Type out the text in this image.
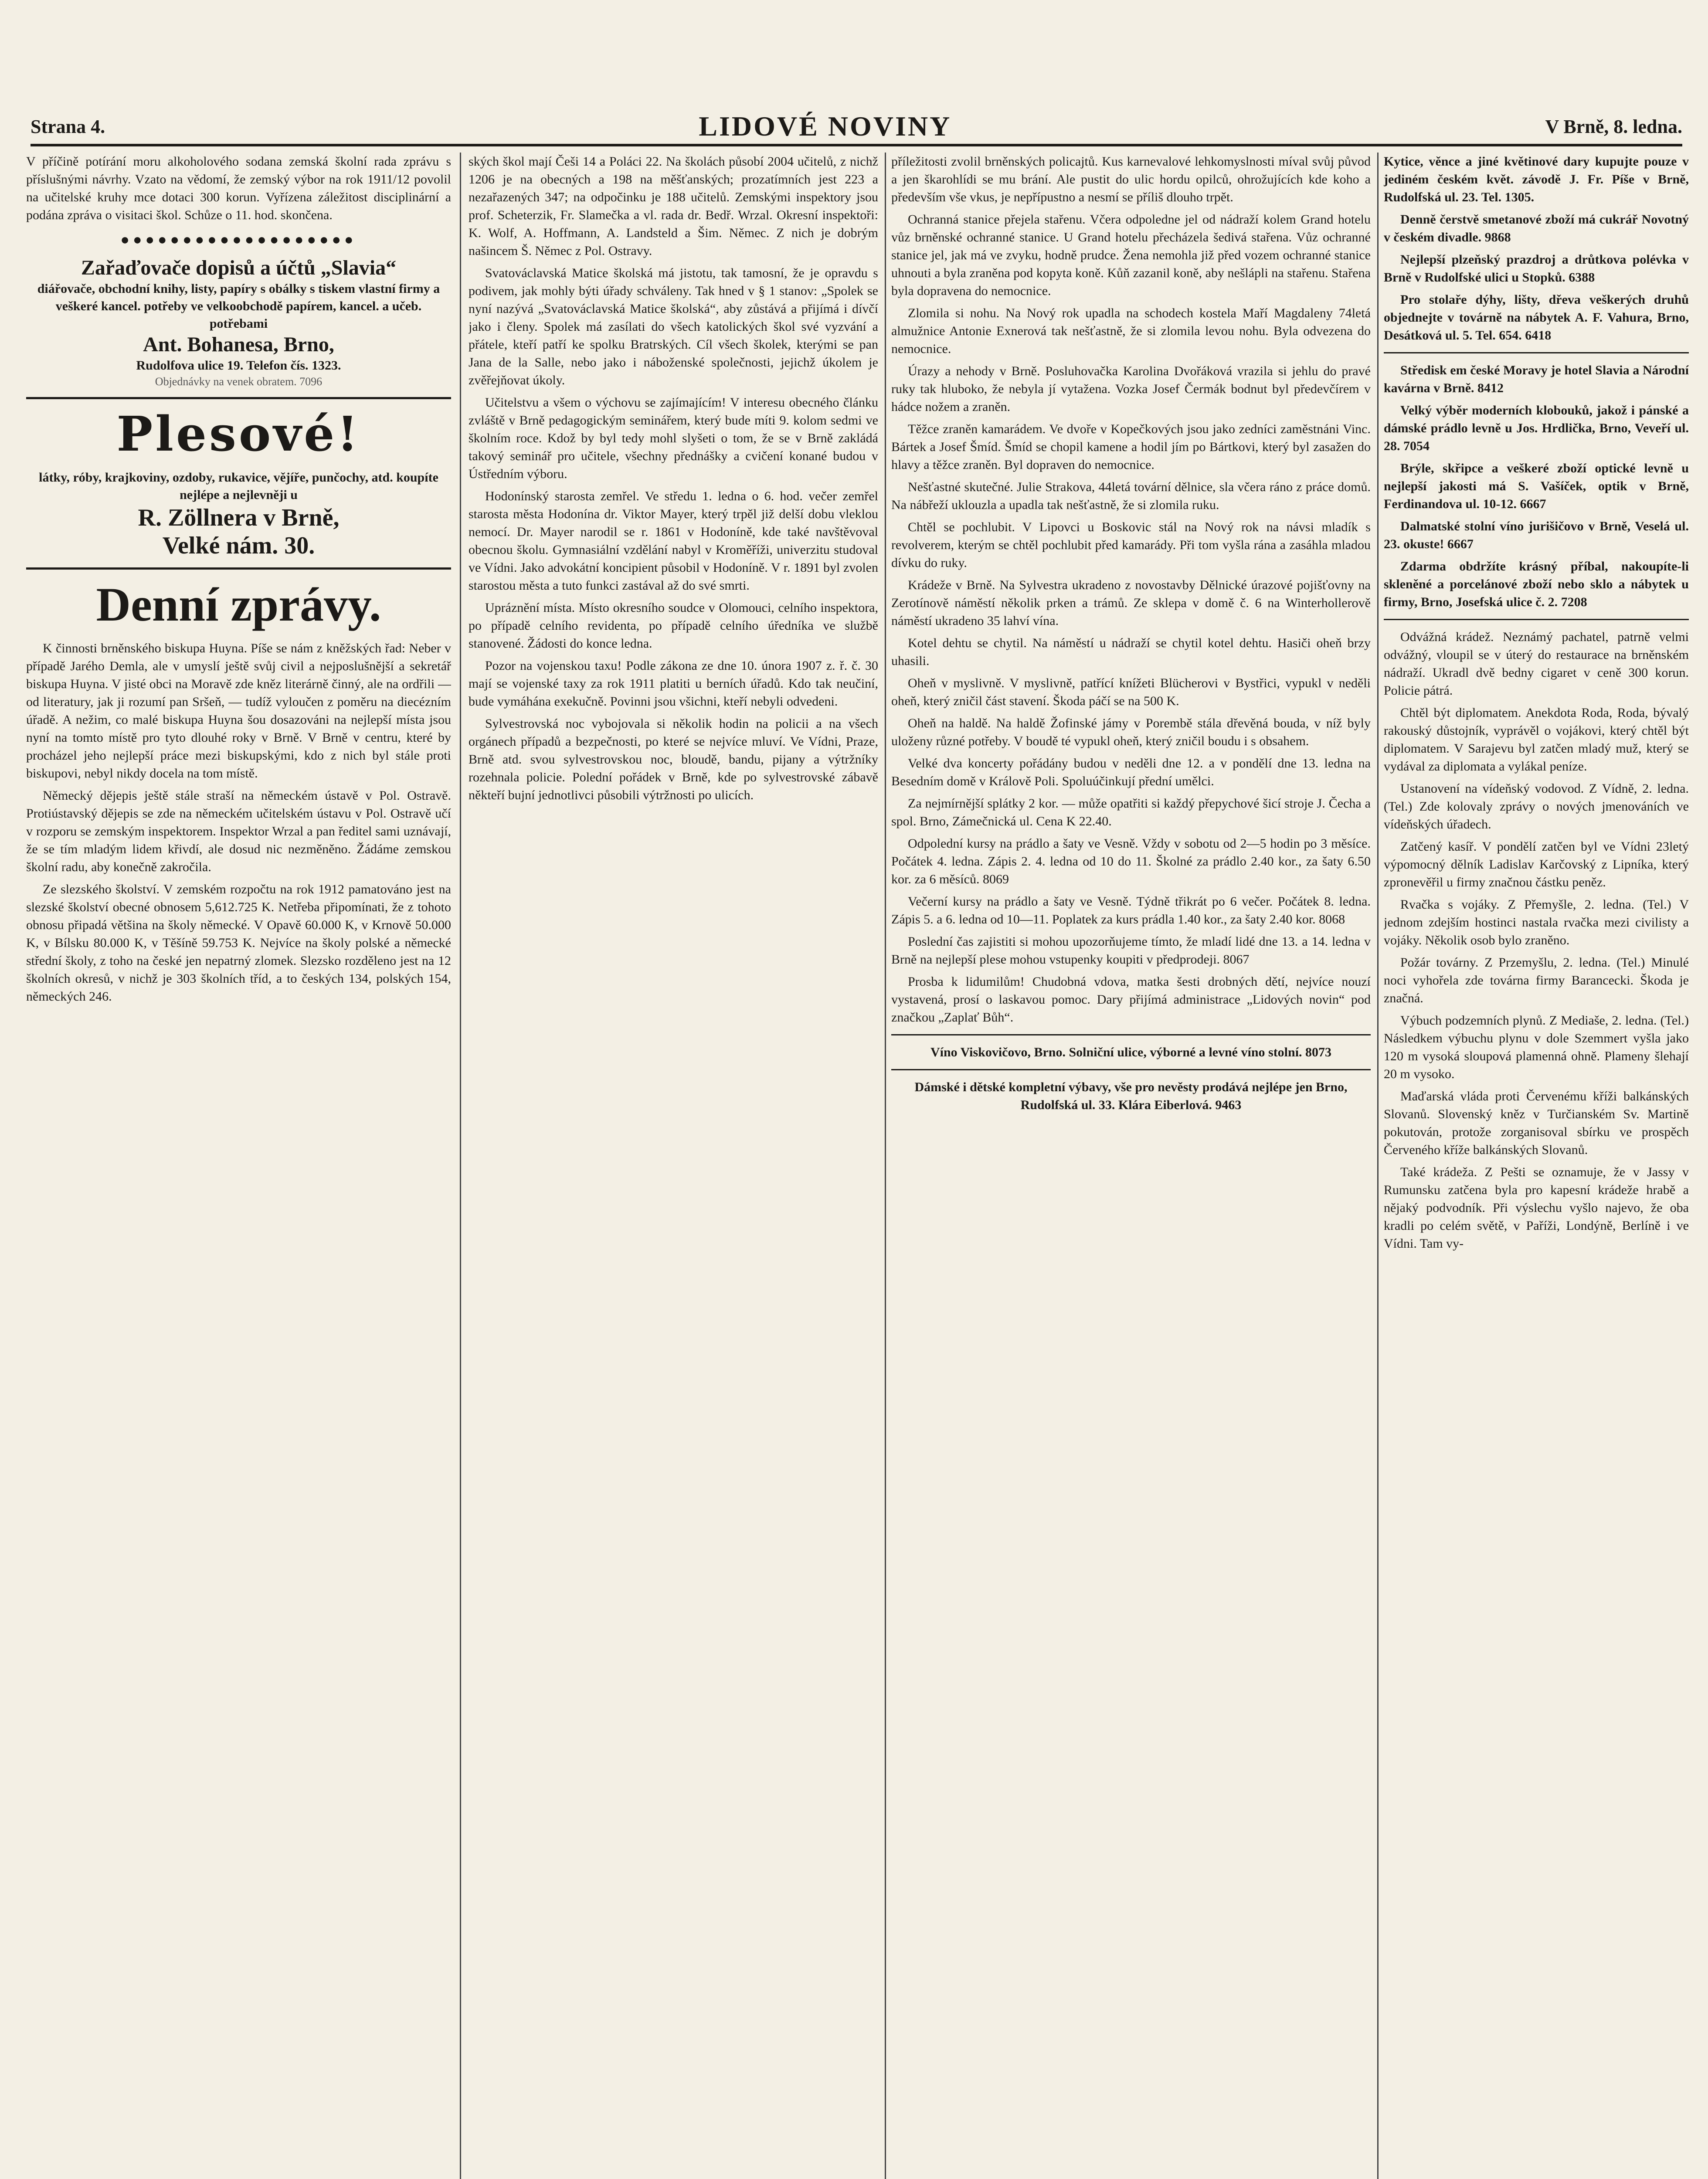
Strana 4.	LIDOVÉ NOVINY	V Brně, 8. ledna.

V příčině potírání moru alkoholového sodana zemská školní rada zprávu s příslušnými návrhy. Vzato na vědomí, že zemský výbor na rok 1911/12 povolil na učitelské kruhy mce dotaci 300 korun. Vyřízena záležitost disciplinární a podána zpráva o visitaci škol. Schůze o 11. hod. skončena.

●●●●●●●●●●●●●●●●●●●
Zařaďovače dopisů a účtů „Slavia“
diářovače, obchodní knihy, listy, papíry s obálky s tiskem vlastní firmy a veškeré kancel. potřeby ve velkoobchodě papírem, kancel. a učeb. potřebami
Ant. Bohanesa, Brno,
Rudolfova ulice 19. Telefon čís. 1323.
Objednávky na venek obratem. 7096
Plesové!
látky, róby, krajkoviny, ozdoby, rukavice, vějíře, punčochy, atd. koupíte nejlépe a nejlevněji u
R. Zöllnera v Brně,
Velké nám. 30.
Denní zprávy.

K činnosti brněnského biskupa Huyna. Píše se nám z kněžských řad: Neber v případě Jarého Demla, ale v umyslí ještě svůj civil a nejposlušnější a sekretář biskupa Huyna. V jisté obci na Moravě zde kněz literárně činný, ale na ordřili — od literatury, jak ji rozumí pan Sršeň, — tudíž vyloučen z poměru na diecézním úřadě. A nežim, co malé biskupa Huyna šou dosazováni na nejlepší místa jsou nyní na tomto místě pro tyto dlouhé roky v Brně. V Brně v centru, které by procházel jeho nejlepší práce mezi biskupskými, kdo z nich byl stále proti biskupovi, nebyl nikdy docela na tom místě.

Německý dějepis ještě stále straší na německém ústavě v Pol. Ostravě. Protiústavský dějepis se zde na německém učitelském ústavu v Pol. Ostravě učí v rozporu se zemským inspektorem. Inspektor Wrzal a pan ředitel sami uznávají, že se tím mladým lidem křivdí, ale dosud nic nezměněno. Žádáme zemskou školní radu, aby konečně zakročila.

Ze slezského školství. V zemském rozpočtu na rok 1912 pamatováno jest na slezské školství obecné obnosem 5,612.725 K. Netřeba připomínati, že z tohoto obnosu připadá většina na školy německé. V Opavě 60.000 K, v Krnově 50.000 K, v Bílsku 80.000 K, v Těšíně 59.753 K. Nejvíce na školy polské a německé střední školy, z toho na české jen nepatrný zlomek. Slezsko rozděleno jest na 12 školních okresů, v nichž je 303 školních tříd, a to českých 134, polských 154, německých 246.

ských škol mají Češi 14 a Poláci 22. Na školách působí 2004 učitelů, z nichž 1206 je na obecných a 198 na měšťanských; prozatímních jest 223 a nezařazených 347; na odpočinku je 188 učitelů. Zemskými inspektory jsou prof. Scheterzik, Fr. Slamečka a vl. rada dr. Bedř. Wrzal. Okresní inspektoři: K. Wolf, A. Hoffmann, A. Landsteld a Šim. Němec. Z nich je dobrým našincem Š. Němec z Pol. Ostravy.

Svatováclavská Matice školská má jistotu, tak tamosní, že je opravdu s podivem, jak mohly býti úřady schváleny. Tak hned v § 1 stanov: „Spolek se nyní nazývá „Svatováclavská Matice školská“, aby zůstává a přijímá i dívčí jako i členy. Spolek má zasílati do všech katolických škol své vyzvání a přátele, kteří patří ke spolku Bratrských. Cíl všech školek, kterými se pan Jana de la Salle, nebo jako i náboženské společnosti, jejichž úkolem je zvěřejňovat úkoly.

Učitelstvu a všem o výchovu se zajímajícím! V interesu obecného článku zvláště v Brně pedagogickým seminářem, který bude míti 9. kolom sedmi ve školním roce. Kdož by byl tedy mohl slyšeti o tom, že se v Brně zakládá takový seminář pro učitele, všechny přednášky a cvičení konané budou v Ústředním výboru.

Hodonínský starosta zemřel. Ve středu 1. ledna o 6. hod. večer zemřel starosta města Hodonína dr. Viktor Mayer, který trpěl již delší dobu vleklou nemocí. Dr. Mayer narodil se r. 1861 v Hodoníně, kde také navštěvoval obecnou školu. Gymnasiální vzdělání nabyl v Kroměříži, univerzitu studoval ve Vídni. Jako advokátní koncipient působil v Hodoníně. V r. 1891 byl zvolen starostou města a tuto funkci zastával až do své smrti.

Upráznění místa. Místo okresního soudce v Olomouci, celního inspektora, po případě celního revidenta, po případě celního úředníka ve službě stanovené. Žádosti do konce ledna.

Pozor na vojenskou taxu! Podle zákona ze dne 10. února 1907 z. ř. č. 30 mají se vojenské taxy za rok 1911 platiti u berních úřadů. Kdo tak neučiní, bude vymáhána exekučně. Povinni jsou všichni, kteří nebyli odvedeni.

Sylvestrovská noc vybojovala si několik hodin na policii a na všech orgánech případů a bezpečnosti, po které se nejvíce mluví. Ve Vídni, Praze, Brně atd. svou sylvestrovskou noc, bloudě, bandu, pijany a výtržníky rozehnala policie. Polední pořádek v Brně, kde po sylvestrovské zábavě někteří bujní jednotlivci působili výtržnosti po ulicích.

příležitosti zvolil brněnských policajtů. Kus karnevalové lehkomyslnosti míval svůj původ a jen škarohlídi se mu brání. Ale pustit do ulic hordu opilců, ohrožujících kde koho a především vše vkus, je nepřípustno a nesmí se příliš dlouho trpět.

Ochranná stanice přejela stařenu. Včera odpoledne jel od nádraží kolem Grand hotelu vůz brněnské ochranné stanice. U Grand hotelu přecházela šedivá stařena. Vůz ochranné stanice jel, jak má ve zvyku, hodně prudce. Žena nemohla již před vozem ochranné stanice uhnouti a byla zraněna pod kopyta koně. Kůň zazanil koně, aby nešlápli na stařenu. Stařena byla dopravena do nemocnice.

Zlomila si nohu. Na Nový rok upadla na schodech kostela Maří Magdaleny 74letá almužnice Antonie Exnerová tak nešťastně, že si zlomila levou nohu. Byla odvezena do nemocnice.

Úrazy a nehody v Brně. Posluhovačka Karolina Dvořáková vrazila si jehlu do pravé ruky tak hluboko, že nebyla jí vytažena. Vozka Josef Čermák bodnut byl předevčírem v hádce nožem a zraněn.

Těžce zraněn kamarádem. Ve dvoře v Kopečkových jsou jako zedníci zaměstnáni Vinc. Bártek a Josef Šmíd. Šmíd se chopil kamene a hodil jím po Bártkovi, který byl zasažen do hlavy a těžce zraněn. Byl dopraven do nemocnice.

Nešťastné skutečné. Julie Strakova, 44letá tovární dělnice, sla včera ráno z práce domů. Na nábřeží uklouzla a upadla tak nešťastně, že si zlomila ruku.

Chtěl se pochlubit. V Lipovci u Boskovic stál na Nový rok na návsi mladík s revolverem, kterým se chtěl pochlubit před kamarády. Při tom vyšla rána a zasáhla mladou dívku do ruky.

Krádeže v Brně. Na Sylvestra ukradeno z novostavby Dělnické úrazové pojišťovny na Zerotínově náměstí několik prken a trámů. Ze sklepa v domě č. 6 na Winterhollerově náměstí ukradeno 35 lahví vína.

Kotel dehtu se chytil. Na náměstí u nádraží se chytil kotel dehtu. Hasiči oheň brzy uhasili.

Oheň v myslivně. V myslivně, patřící knížeti Blücherovi v Bystřici, vypukl v neděli oheň, který zničil část stavení. Škoda páčí se na 500 K.

Oheň na haldě. Na haldě Žofinské jámy v Porembě stála dřevěná bouda, v níž byly uloženy různé potřeby. V boudě té vypukl oheň, který zničil boudu i s obsahem.

Velké dva koncerty pořádány budou v neděli dne 12. a v pondělí dne 13. ledna na Besedním domě v Králově Poli. Spoluúčinkují přední umělci.

Za nejmírnější splátky 2 kor. — může opatřiti si každý přepychové šicí stroje J. Čecha a spol. Brno, Zámečnická ul. Cena K 22.40.

Odpolední kursy na prádlo a šaty ve Vesně. Vždy v sobotu od 2—5 hodin po 3 měsíce. Počátek 4. ledna. Zápis 2. 4. ledna od 10 do 11. Školné za prádlo 2.40 kor., za šaty 6.50 kor. za 6 měsíců. 8069

Večerní kursy na prádlo a šaty ve Vesně. Týdně třikrát po 6 večer. Počátek 8. ledna. Zápis 5. a 6. ledna od 10—11. Poplatek za kurs prádla 1.40 kor., za šaty 2.40 kor. 8068

Poslední čas zajistiti si mohou upozorňujeme tímto, že mladí lidé dne 13. a 14. ledna v Brně na nejlepší plese mohou vstupenky koupiti v předprodeji. 8067

Prosba k lidumilům! Chudobná vdova, matka šesti drobných dětí, nejvíce nouzí vystavená, prosí o laskavou pomoc. Dary přijímá administrace „Lidových novin“ pod značkou „Zaplať Bůh“.

Víno Viskovičovo, Brno. Solniční ulice, výborné a levné víno stolní. 8073

Dámské i dětské kompletní výbavy, vše pro nevěsty prodává nejlépe jen Brno, Rudolfská ul. 33. Klára Eiberlová. 9463

Kytice, věnce a jiné květinové dary kupujte pouze v jediném českém květ. závodě J. Fr. Píše v Brně, Rudolfská ul. 23. Tel. 1305.

Denně čerstvě smetanové zboží má cukrář Novotný v českém divadle. 9868

Nejlepší plzeňský prazdroj a drůtkova polévka v Brně v Rudolfské ulici u Stopků. 6388

Pro stolaře dýhy, lišty, dřeva veškerých druhů objednejte v továrně na nábytek A. F. Vahura, Brno, Desátková ul. 5. Tel. 654. 6418

Středisk em české Moravy je hotel Slavia a Národní kavárna v Brně. 8412

Velký výběr moderních klobouků, jakož i pánské a dámské prádlo levně u Jos. Hrdlička, Brno, Veveří ul. 28. 7054

Brýle, skřipce a veškeré zboží optické levně u nejlepší jakosti má S. Vašíček, optik v Brně, Ferdinandova ul. 10-12. 6667

Dalmatské stolní víno jurišičovo v Brně, Veselá ul. 23. okuste! 6667

Zdarma obdržíte krásný příbal, nakoupíte-li skleněné a porcelánové zboží nebo sklo a nábytek u firmy, Brno, Josefská ulice č. 2. 7208

Odvážná krádež. Neznámý pachatel, patrně velmi odvážný, vloupil se v úterý do restaurace na brněnském nádraží. Ukradl dvě bedny cigaret v ceně 300 korun. Policie pátrá.

Chtěl být diplomatem. Anekdota Roda, Roda, bývalý rakouský důstojník, vyprávěl o vojákovi, který chtěl být diplomatem. V Sarajevu byl zatčen mladý muž, který se vydával za diplomata a vylákal peníze.

Ustanovení na vídeňský vodovod. Z Vídně, 2. ledna. (Tel.) Zde kolovaly zprávy o nových jmenováních ve vídeňských úřadech.

Zatčený kasíř. V pondělí zatčen byl ve Vídni 23letý výpomocný dělník Ladislav Karčovský z Lipníka, který zpronevěřil u firmy značnou částku peněz.

Rvačka s vojáky. Z Přemyšle, 2. ledna. (Tel.) V jednom zdejším hostinci nastala rvačka mezi civilisty a vojáky. Několik osob bylo zraněno.

Požár továrny. Z Przemyšlu, 2. ledna. (Tel.) Minulé noci vyhořela zde továrna firmy Barancecki. Škoda je značná.

Výbuch podzemních plynů. Z Mediaše, 2. ledna. (Tel.) Následkem výbuchu plynu v dole Szemmert vyšla jako 120 m vysoká sloupová plamenná ohně. Plameny šlehají 20 m vysoko.

Maďarská vláda proti Červenému kříži balkánských Slovanů. Slovenský kněz v Turčianském Sv. Martině pokutován, protože zorganisoval sbírku ve prospěch Červeného kříže balkánských Slovanů.

Také krádeža. Z Pešti se oznamuje, že v Jassy v Rumunsku zatčena byla pro kapesní krádeže hrabě a nějaký podvodník. Při výslechu vyšlo najevo, že oba kradli po celém světě, v Paříži, Londýně, Berlíně i ve Vídni. Tam vy-
